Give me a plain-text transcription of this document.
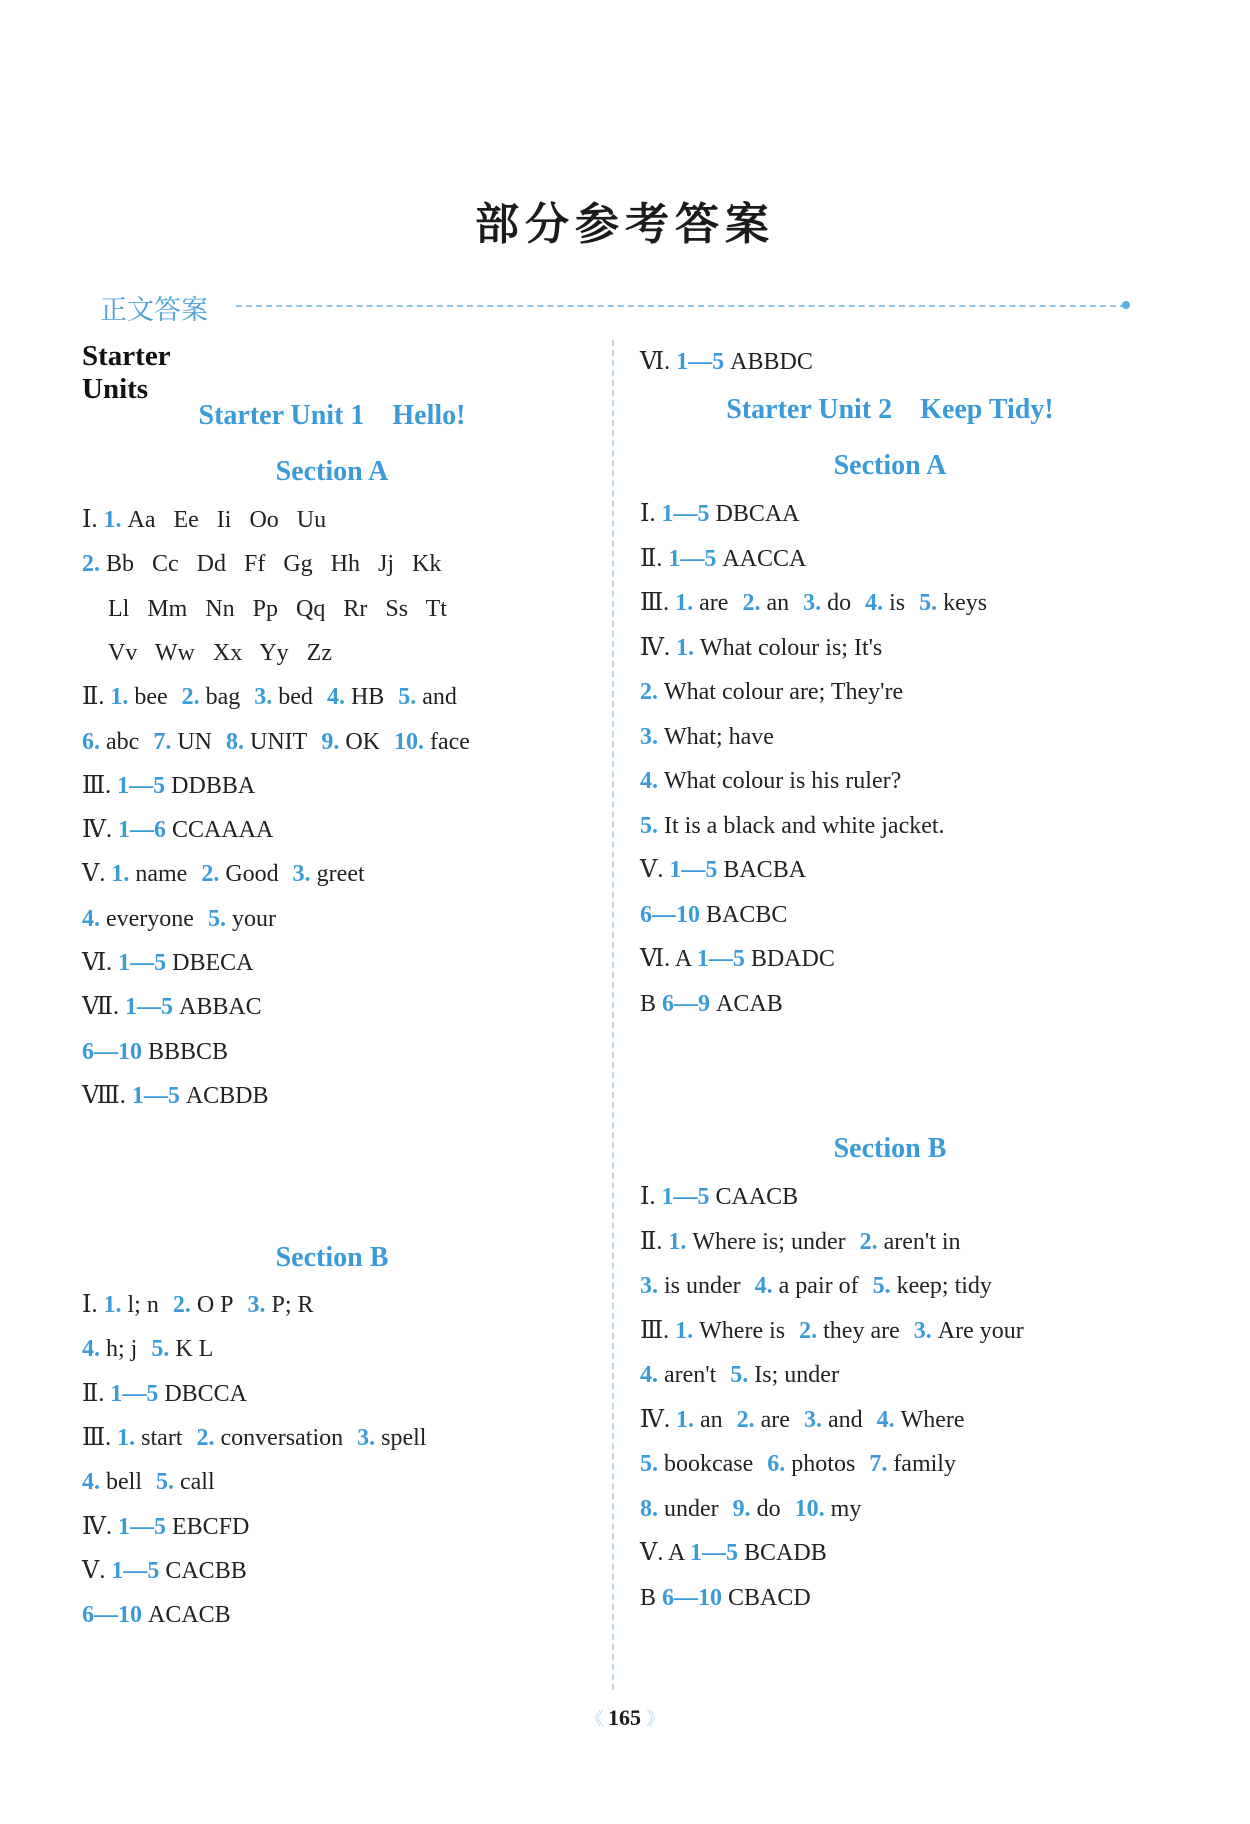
部分参考答案
正文答案
Starter Units
Starter Unit 1    Hello!
Section A
Section B
Ⅰ. 1. Aa   Ee   Ii   Oo   Uu
2. Bb   Cc   Dd   Ff   Gg   Hh   Jj   Kk
Ll   Mm   Nn   Pp   Qq   Rr   Ss   Tt
Vv   Ww   Xx   Yy   Zz
Ⅱ. 1. bee 2. bag 3. bed 4. HB 5. and
6. abc 7. UN 8. UNIT 9. OK 10. face
Ⅲ. 1—5 DDBBA
Ⅳ. 1—6 CCAAAA
Ⅴ. 1. name 2. Good 3. greet
4. everyone 5. your
Ⅵ. 1—5 DBECA
Ⅶ. 1—5 ABBAC
6—10 BBBCB
Ⅷ. 1—5 ACBDB
Ⅰ. 1. l; n 2. O P 3. P; R
4. h; j 5. K L
Ⅱ. 1—5 DBCCA
Ⅲ. 1. start 2. conversation 3. spell
4. bell 5. call
Ⅳ. 1—5 EBCFD
Ⅴ. 1—5 CACBB
6—10 ACACB
Starter Unit 2    Keep Tidy!
Section A
Section B
Ⅵ. 1—5 ABBDC
Ⅰ. 1—5 DBCAA
Ⅱ. 1—5 AACCA
Ⅲ. 1. are 2. an 3. do 4. is 5. keys
Ⅳ. 1. What colour is; It's
2. What colour are; They're
3. What; have
4. What colour is his ruler?
5. It is a black and white jacket.
Ⅴ. 1—5 BACBA
6—10 BACBC
Ⅵ. A 1—5 BDADC
B 6—9 ACAB
Ⅰ. 1—5 CAACB
Ⅱ. 1. Where is; under 2. aren't in
3. is under 4. a pair of 5. keep; tidy
Ⅲ. 1. Where is 2. they are 3. Are your
4. aren't 5. Is; under
Ⅳ. 1. an 2. are 3. and 4. Where
5. bookcase 6. photos 7. family
8. under 9. do 10. my
Ⅴ. A 1—5 BCADB
B 6—10 CBACD
《 165 》
